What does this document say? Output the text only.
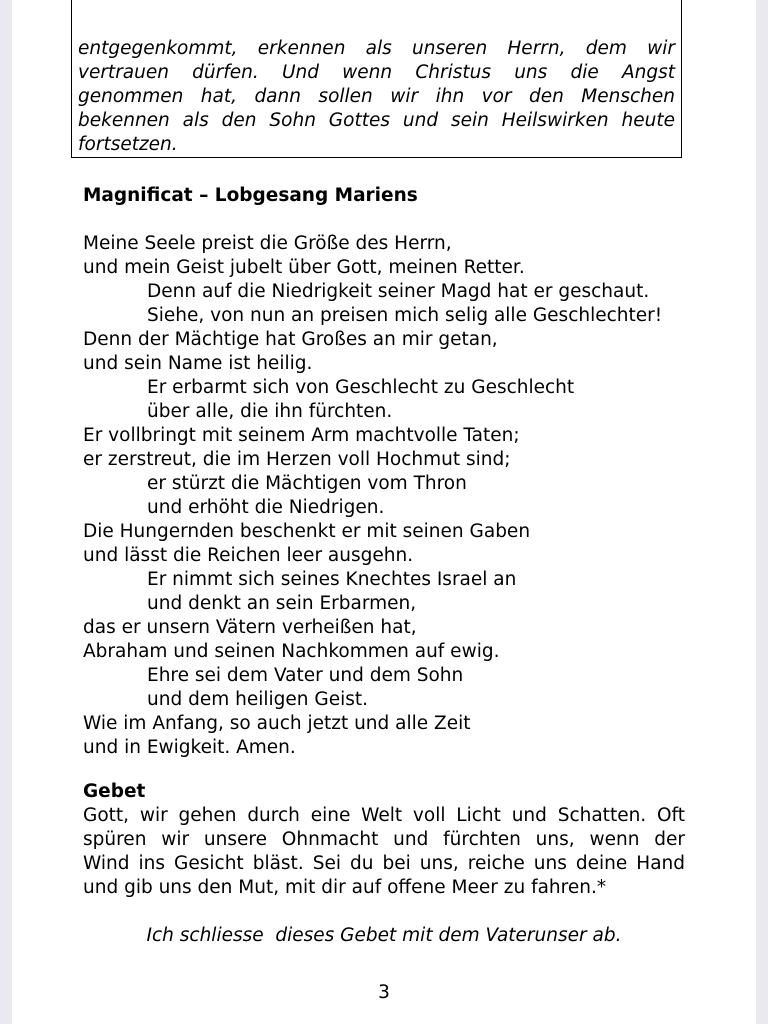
entgegenkommt, erkennen als unseren Herrn, dem wir
vertrauen dürfen. Und wenn Christus uns die Angst
genommen hat, dann sollen wir ihn vor den Menschen
bekennen als den Sohn Gottes und sein Heilswirken heute
fortsetzen.
Magnificat – Lobgesang Mariens
Meine Seele preist die Größe des Herrn,
und mein Geist jubelt über Gott, meinen Retter.
Denn auf die Niedrigkeit seiner Magd hat er geschaut.
Siehe, von nun an preisen mich selig alle Geschlechter!
Denn der Mächtige hat Großes an mir getan,
und sein Name ist heilig.
Er erbarmt sich von Geschlecht zu Geschlecht
über alle, die ihn fürchten.
Er vollbringt mit seinem Arm machtvolle Taten;
er zerstreut, die im Herzen voll Hochmut sind;
er stürzt die Mächtigen vom Thron
und erhöht die Niedrigen.
Die Hungernden beschenkt er mit seinen Gaben
und lässt die Reichen leer ausgehn.
Er nimmt sich seines Knechtes Israel an
und denkt an sein Erbarmen,
das er unsern Vätern verheißen hat,
Abraham und seinen Nachkommen auf ewig.
Ehre sei dem Vater und dem Sohn
und dem heiligen Geist.
Wie im Anfang, so auch jetzt und alle Zeit
und in Ewigkeit. Amen.
Gebet
Gott, wir gehen durch eine Welt voll Licht und Schatten. Oft
spüren wir unsere Ohnmacht und fürchten uns, wenn der
Wind ins Gesicht bläst. Sei du bei uns, reiche uns deine Hand
und gib uns den Mut, mit dir auf offene Meer zu fahren.*
Ich schliesse  dieses Gebet mit dem Vaterunser ab.
3
